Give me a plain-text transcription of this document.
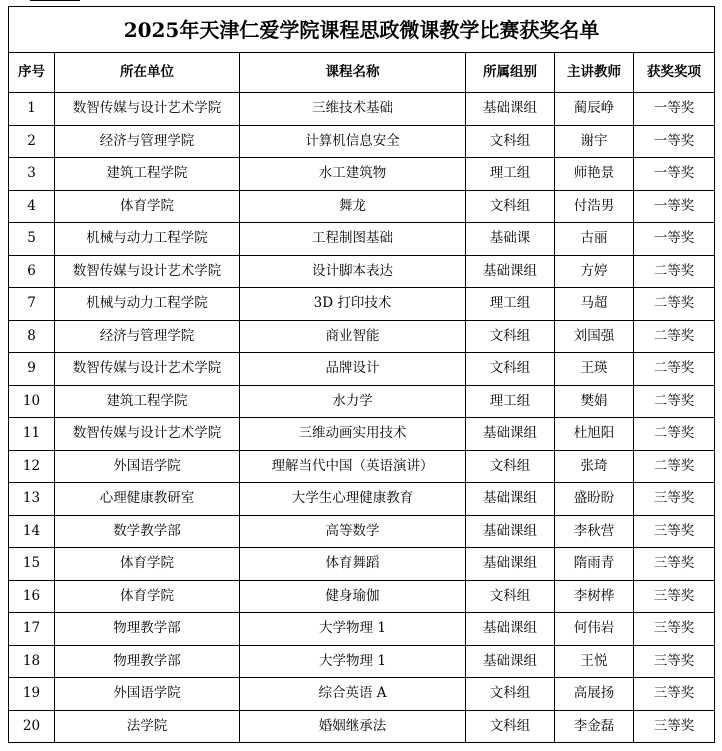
2025年天津仁爱学院课程思政微课教学比赛获奖名单					
序号	所在单位	课程名称	所属组别	主讲教师	获奖奖项
1	数智传媒与设计艺术学院	三维技术基础	基础课组	蔺辰峥	一等奖
2	经济与管理学院	计算机信息安全	文科组	谢宇	一等奖
3	建筑工程学院	水工建筑物	理工组	师艳景	一等奖
4	体育学院	舞龙	文科组	付浩男	一等奖
5	机械与动力工程学院	工程制图基础	基础课	古丽	一等奖
6	数智传媒与设计艺术学院	设计脚本表达	基础课组	方婷	二等奖
7	机械与动力工程学院	3D 打印技术	理工组	马超	二等奖
8	经济与管理学院	商业智能	文科组	刘国强	二等奖
9	数智传媒与设计艺术学院	品牌设计	文科组	王瑛	二等奖
10	建筑工程学院	水力学	理工组	樊娟	二等奖
11	数智传媒与设计艺术学院	三维动画实用技术	基础课组	杜旭阳	二等奖
12	外国语学院	理解当代中国（英语演讲）	文科组	张琦	二等奖
13	心理健康教研室	大学生心理健康教育	基础课组	盛盼盼	三等奖
14	数学教学部	高等数学	基础课组	李秋营	三等奖
15	体育学院	体育舞蹈	基础课组	隋雨青	三等奖
16	体育学院	健身瑜伽	文科组	李树桦	三等奖
17	物理教学部	大学物理 1	基础课组	何伟岩	三等奖
18	物理教学部	大学物理 1	基础课组	王悦	三等奖
19	外国语学院	综合英语 A	文科组	高展扬	三等奖
20	法学院	婚姻继承法	文科组	李金磊	三等奖
